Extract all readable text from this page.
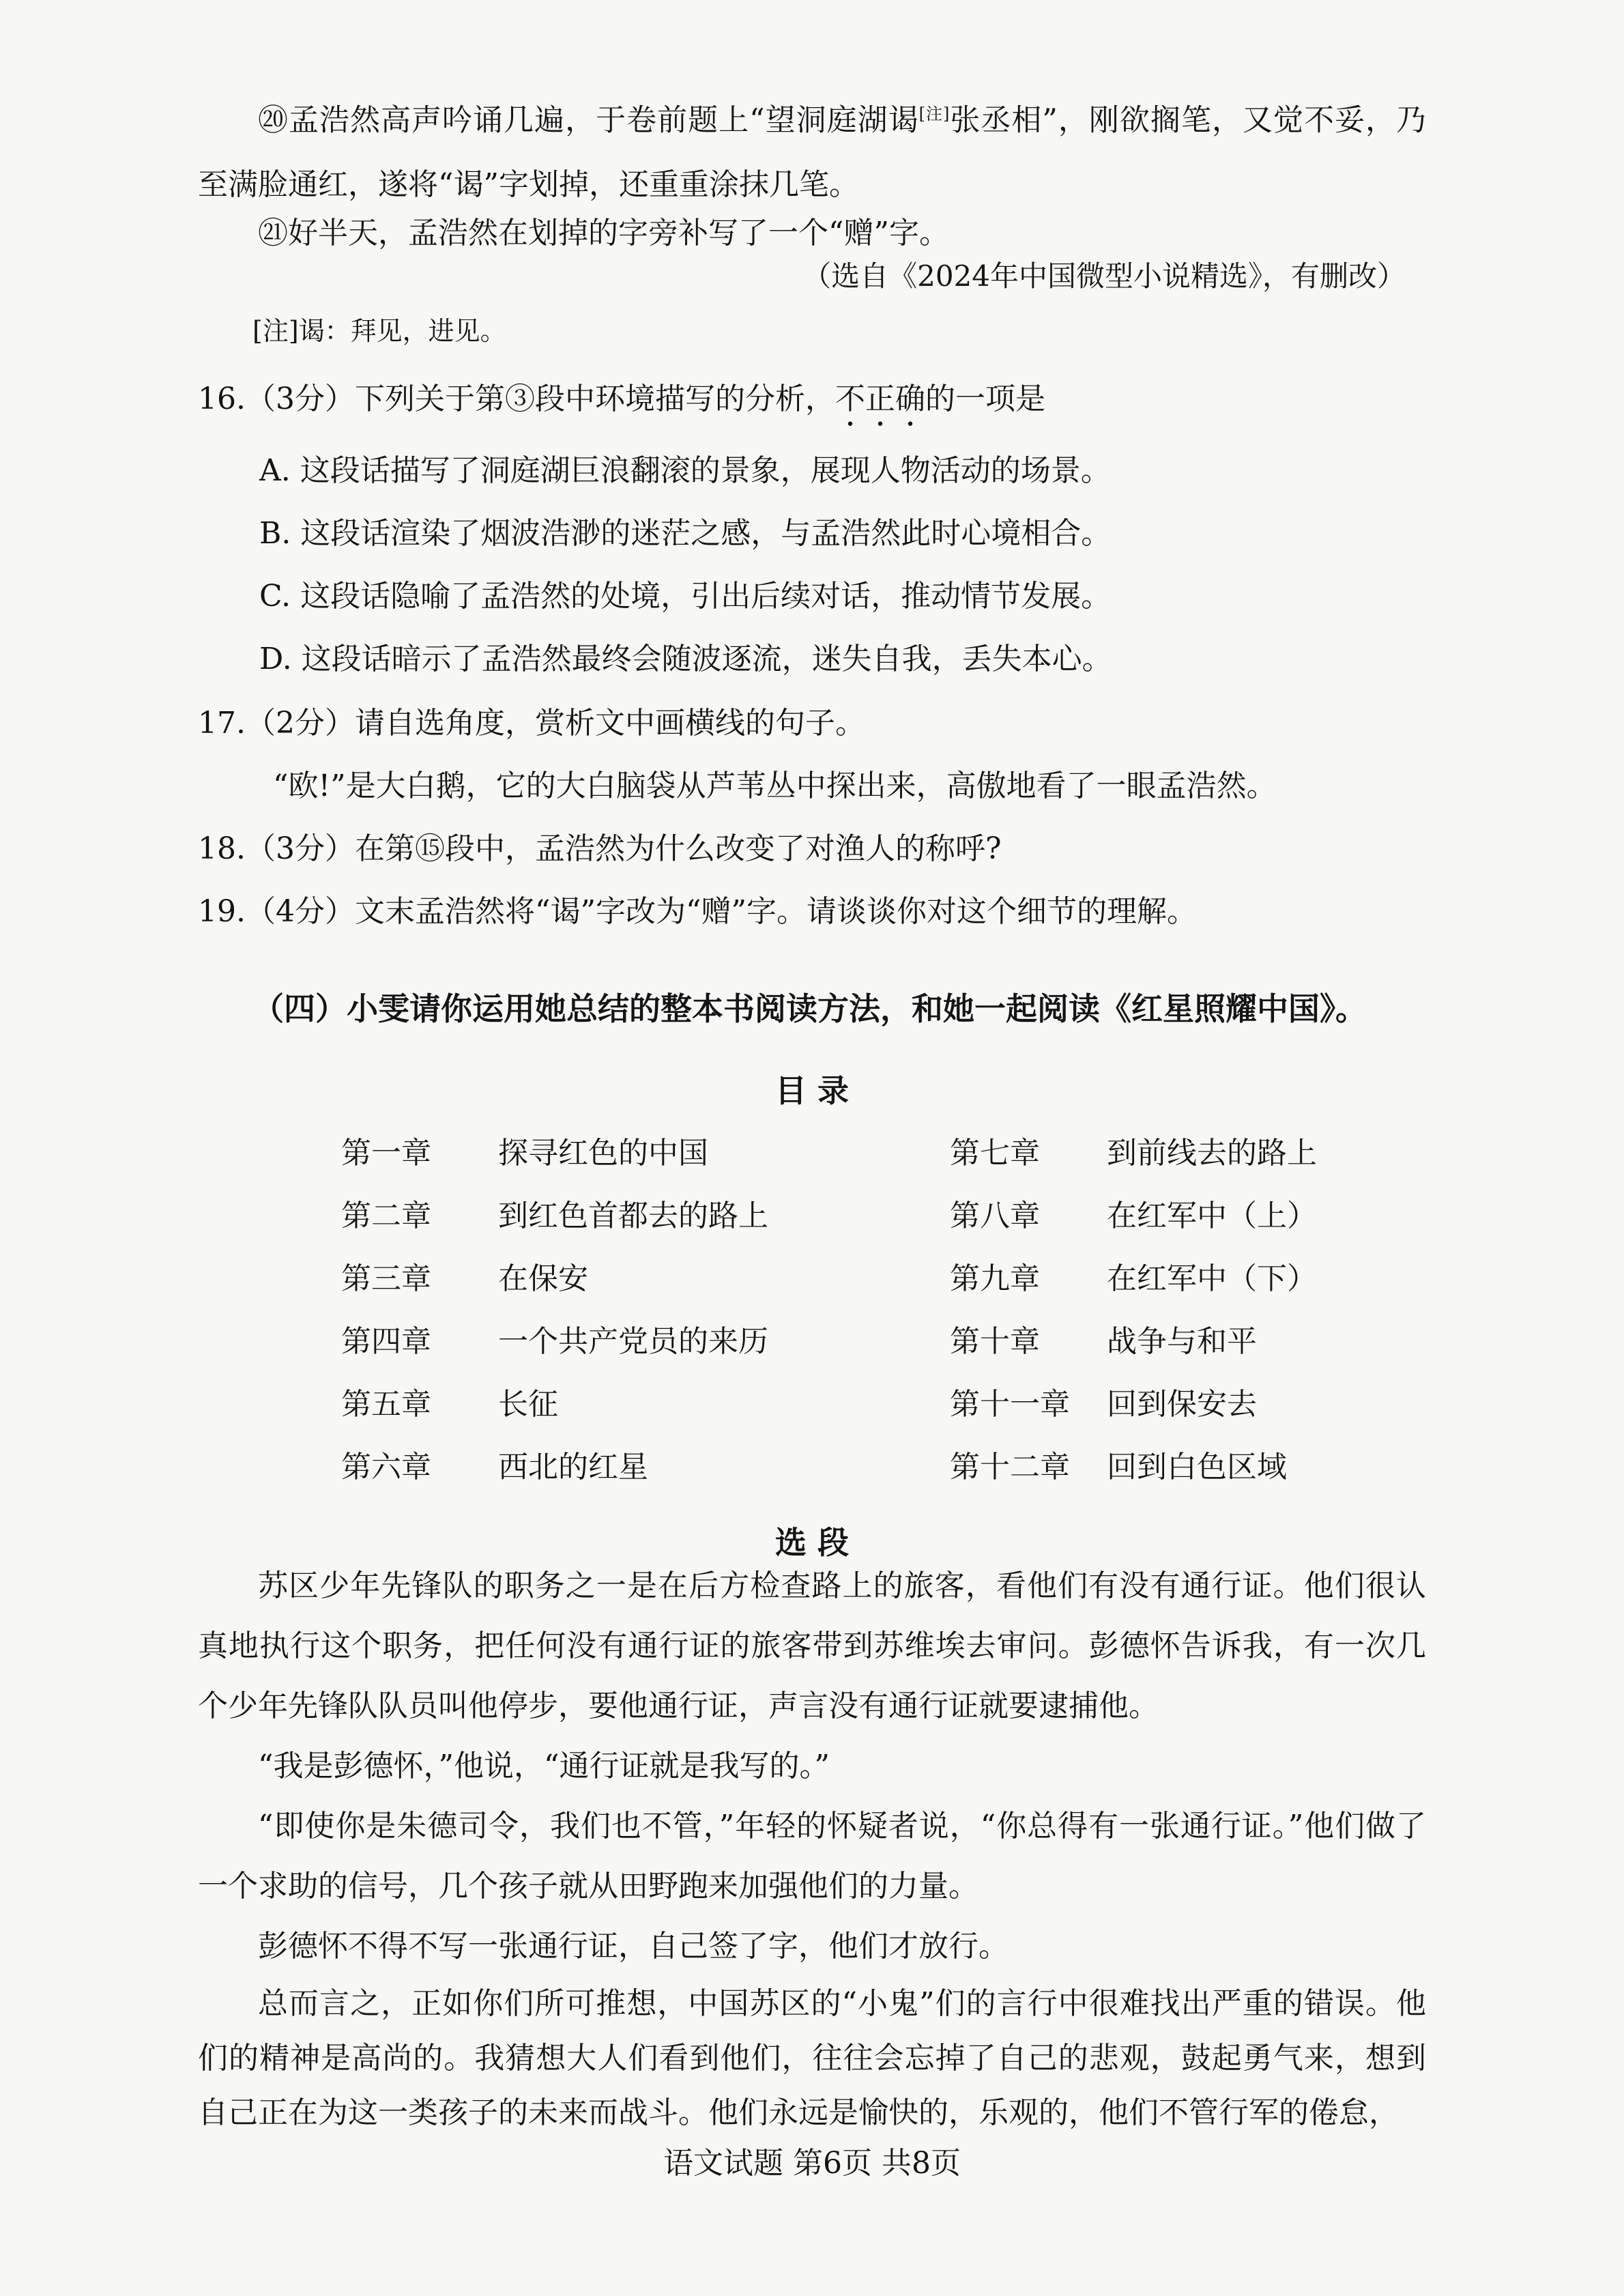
⑳孟浩然高声吟诵几遍，于卷前题上“望洞庭湖谒[注]张丞相”，刚欲搁笔，又觉不妥，乃至满脸通红，遂将“谒”字划掉，还重重涂抹几笔。

㉑好半天，孟浩然在划掉的字旁补写了一个“赠”字。

（选自《2024年中国微型小说精选》，有删改）

[注]谒：拜见，进见。

16.（3分）下列关于第③段中环境描写的分析，不正确的一项是

A. 这段话描写了洞庭湖巨浪翻滚的景象，展现人物活动的场景。

B. 这段话渲染了烟波浩渺的迷茫之感，与孟浩然此时心境相合。

C. 这段话隐喻了孟浩然的处境，引出后续对话，推动情节发展。

D. 这段话暗示了孟浩然最终会随波逐流，迷失自我，丢失本心。

17.（2分）请自选角度，赏析文中画横线的句子。

“欧!”是大白鹅，它的大白脑袋从芦苇丛中探出来，高傲地看了一眼孟浩然。

18.（3分）在第⑮段中，孟浩然为什么改变了对渔人的称呼?

19.（4分）文末孟浩然将“谒”字改为“赠”字。请谈谈你对这个细节的理解。

（四）小雯请你运用她总结的整本书阅读方法，和她一起阅读《红星照耀中国》。

目 录

第一章 探寻红色的中国
第二章 到红色首都去的路上
第三章 在保安
第四章 一个共产党员的来历
第五章 长征
第六章 西北的红星
第七章 到前线去的路上
第八章 在红军中（上）
第九章 在红军中（下）
第十章 战争与和平
第十一章 回到保安去
第十二章 回到白色区域

选 段

苏区少年先锋队的职务之一是在后方检查路上的旅客，看他们有没有通行证。他们很认真地执行这个职务，把任何没有通行证的旅客带到苏维埃去审问。彭德怀告诉我，有一次几个少年先锋队队员叫他停步，要他通行证，声言没有通行证就要逮捕他。

“我是彭德怀，”他说，“通行证就是我写的。”

“即使你是朱德司令，我们也不管，”年轻的怀疑者说，“你总得有一张通行证。”他们做了一个求助的信号，几个孩子就从田野跑来加强他们的力量。

彭德怀不得不写一张通行证，自己签了字，他们才放行。

总而言之，正如你们所可推想，中国苏区的“小鬼”们的言行中很难找出严重的错误。他们的精神是高尚的。我猜想大人们看到他们，往往会忘掉了自己的悲观，鼓起勇气来，想到自己正在为这一类孩子的未来而战斗。他们永远是愉快的，乐观的，他们不管行军的倦怠，

语文试题 第6页 共8页
